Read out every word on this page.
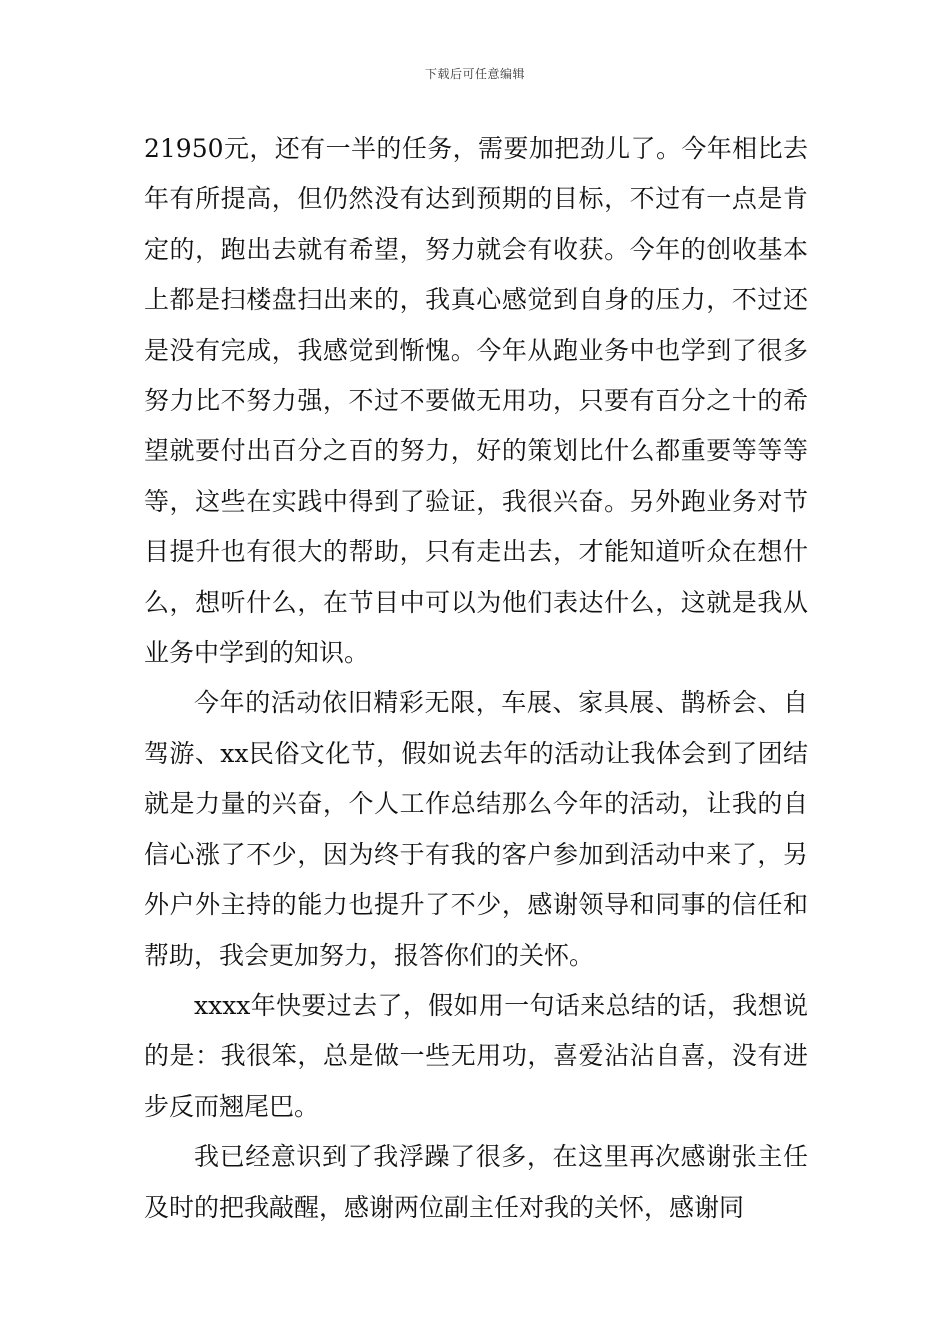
下载后可任意编辑

21950元，还有一半的任务，需要加把劲儿了。今年相比去年有所提高，但仍然没有达到预期的目标，不过有一点是肯定的，跑出去就有希望，努力就会有收获。今年的创收基本上都是扫楼盘扫出来的，我真心感觉到自身的压力，不过还是没有完成，我感觉到惭愧。今年从跑业务中也学到了很多努力比不努力强，不过不要做无用功，只要有百分之十的希望就要付出百分之百的努力，好的策划比什么都重要等等等等，这些在实践中得到了验证，我很兴奋。另外跑业务对节目提升也有很大的帮助，只有走出去，才能知道听众在想什么，想听什么，在节目中可以为他们表达什么，这就是我从业务中学到的知识。

今年的活动依旧精彩无限，车展、家具展、鹊桥会、自驾游、xx民俗文化节，假如说去年的活动让我体会到了团结就是力量的兴奋，个人工作总结那么今年的活动，让我的自信心涨了不少，因为终于有我的客户参加到活动中来了，另外户外主持的能力也提升了不少，感谢领导和同事的信任和帮助，我会更加努力，报答你们的关怀。

xxxx年快要过去了，假如用一句话来总结的话，我想说的是：我很笨，总是做一些无用功，喜爱沾沾自喜，没有进步反而翘尾巴。

我已经意识到了我浮躁了很多，在这里再次感谢张主任及时的把我敲醒，感谢两位副主任对我的关怀，感谢同
